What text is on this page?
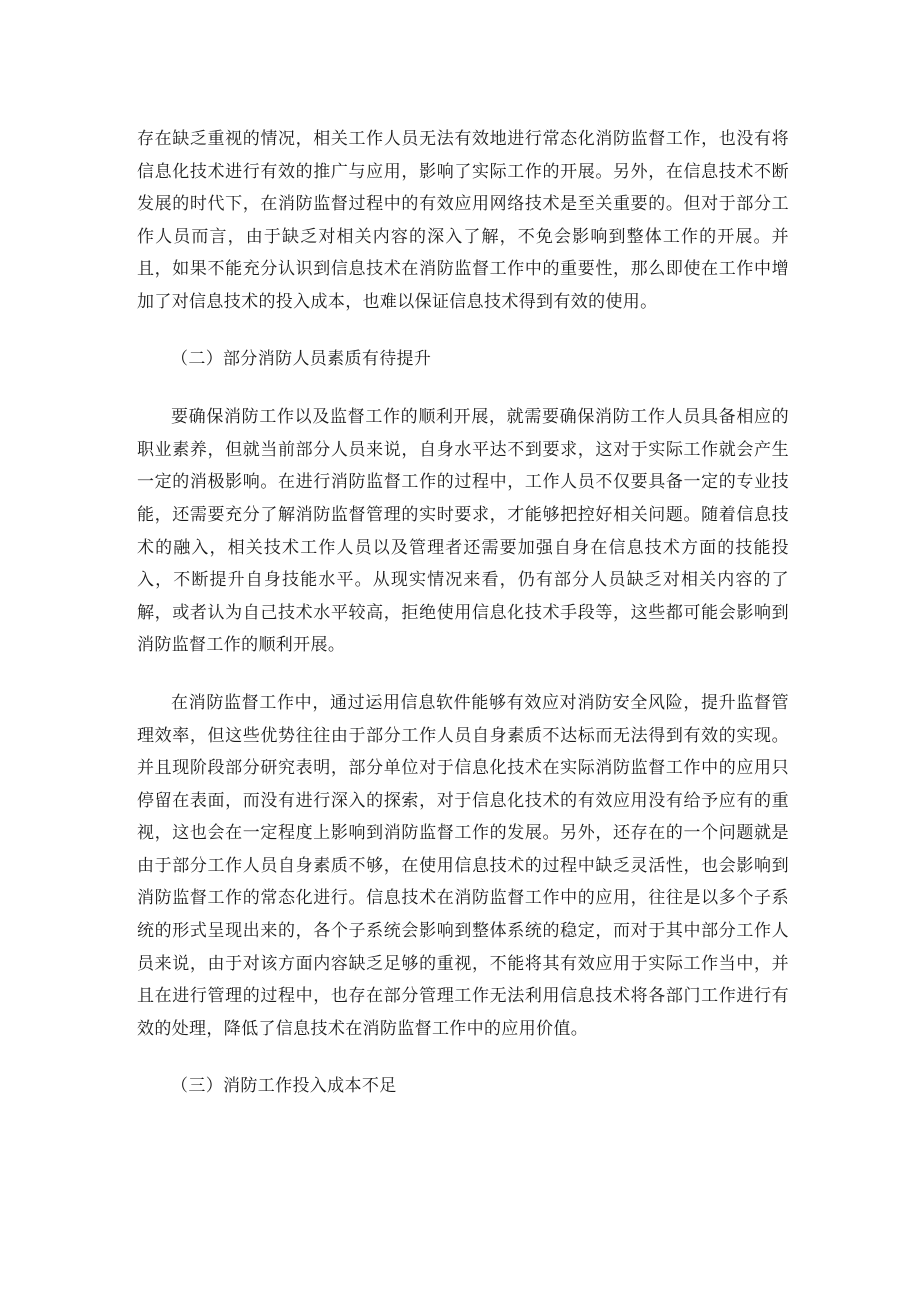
存在缺乏重视的情况，相关工作人员无法有效地进行常态化消防监督工作，也没有将信息化技术进行有效的推广与应用，影响了实际工作的开展。另外，在信息技术不断发展的时代下，在消防监督过程中的有效应用网络技术是至关重要的。但对于部分工作人员而言，由于缺乏对相关内容的深入了解，不免会影响到整体工作的开展。并且，如果不能充分认识到信息技术在消防监督工作中的重要性，那么即使在工作中增加了对信息技术的投入成本，也难以保证信息技术得到有效的使用。

（二）部分消防人员素质有待提升

要确保消防工作以及监督工作的顺利开展，就需要确保消防工作人员具备相应的职业素养，但就当前部分人员来说，自身水平达不到要求，这对于实际工作就会产生一定的消极影响。在进行消防监督工作的过程中，工作人员不仅要具备一定的专业技能，还需要充分了解消防监督管理的实时要求，才能够把控好相关问题。随着信息技术的融入，相关技术工作人员以及管理者还需要加强自身在信息技术方面的技能投入，不断提升自身技能水平。从现实情况来看，仍有部分人员缺乏对相关内容的了解，或者认为自己技术水平较高，拒绝使用信息化技术手段等，这些都可能会影响到消防监督工作的顺利开展。

在消防监督工作中，通过运用信息软件能够有效应对消防安全风险，提升监督管理效率，但这些优势往往由于部分工作人员自身素质不达标而无法得到有效的实现。并且现阶段部分研究表明，部分单位对于信息化技术在实际消防监督工作中的应用只停留在表面，而没有进行深入的探索，对于信息化技术的有效应用没有给予应有的重视，这也会在一定程度上影响到消防监督工作的发展。另外，还存在的一个问题就是由于部分工作人员自身素质不够，在使用信息技术的过程中缺乏灵活性，也会影响到消防监督工作的常态化进行。信息技术在消防监督工作中的应用，往往是以多个子系统的形式呈现出来的，各个子系统会影响到整体系统的稳定，而对于其中部分工作人员来说，由于对该方面内容缺乏足够的重视，不能将其有效应用于实际工作当中，并且在进行管理的过程中，也存在部分管理工作无法利用信息技术将各部门工作进行有效的处理，降低了信息技术在消防监督工作中的应用价值。

（三）消防工作投入成本不足
